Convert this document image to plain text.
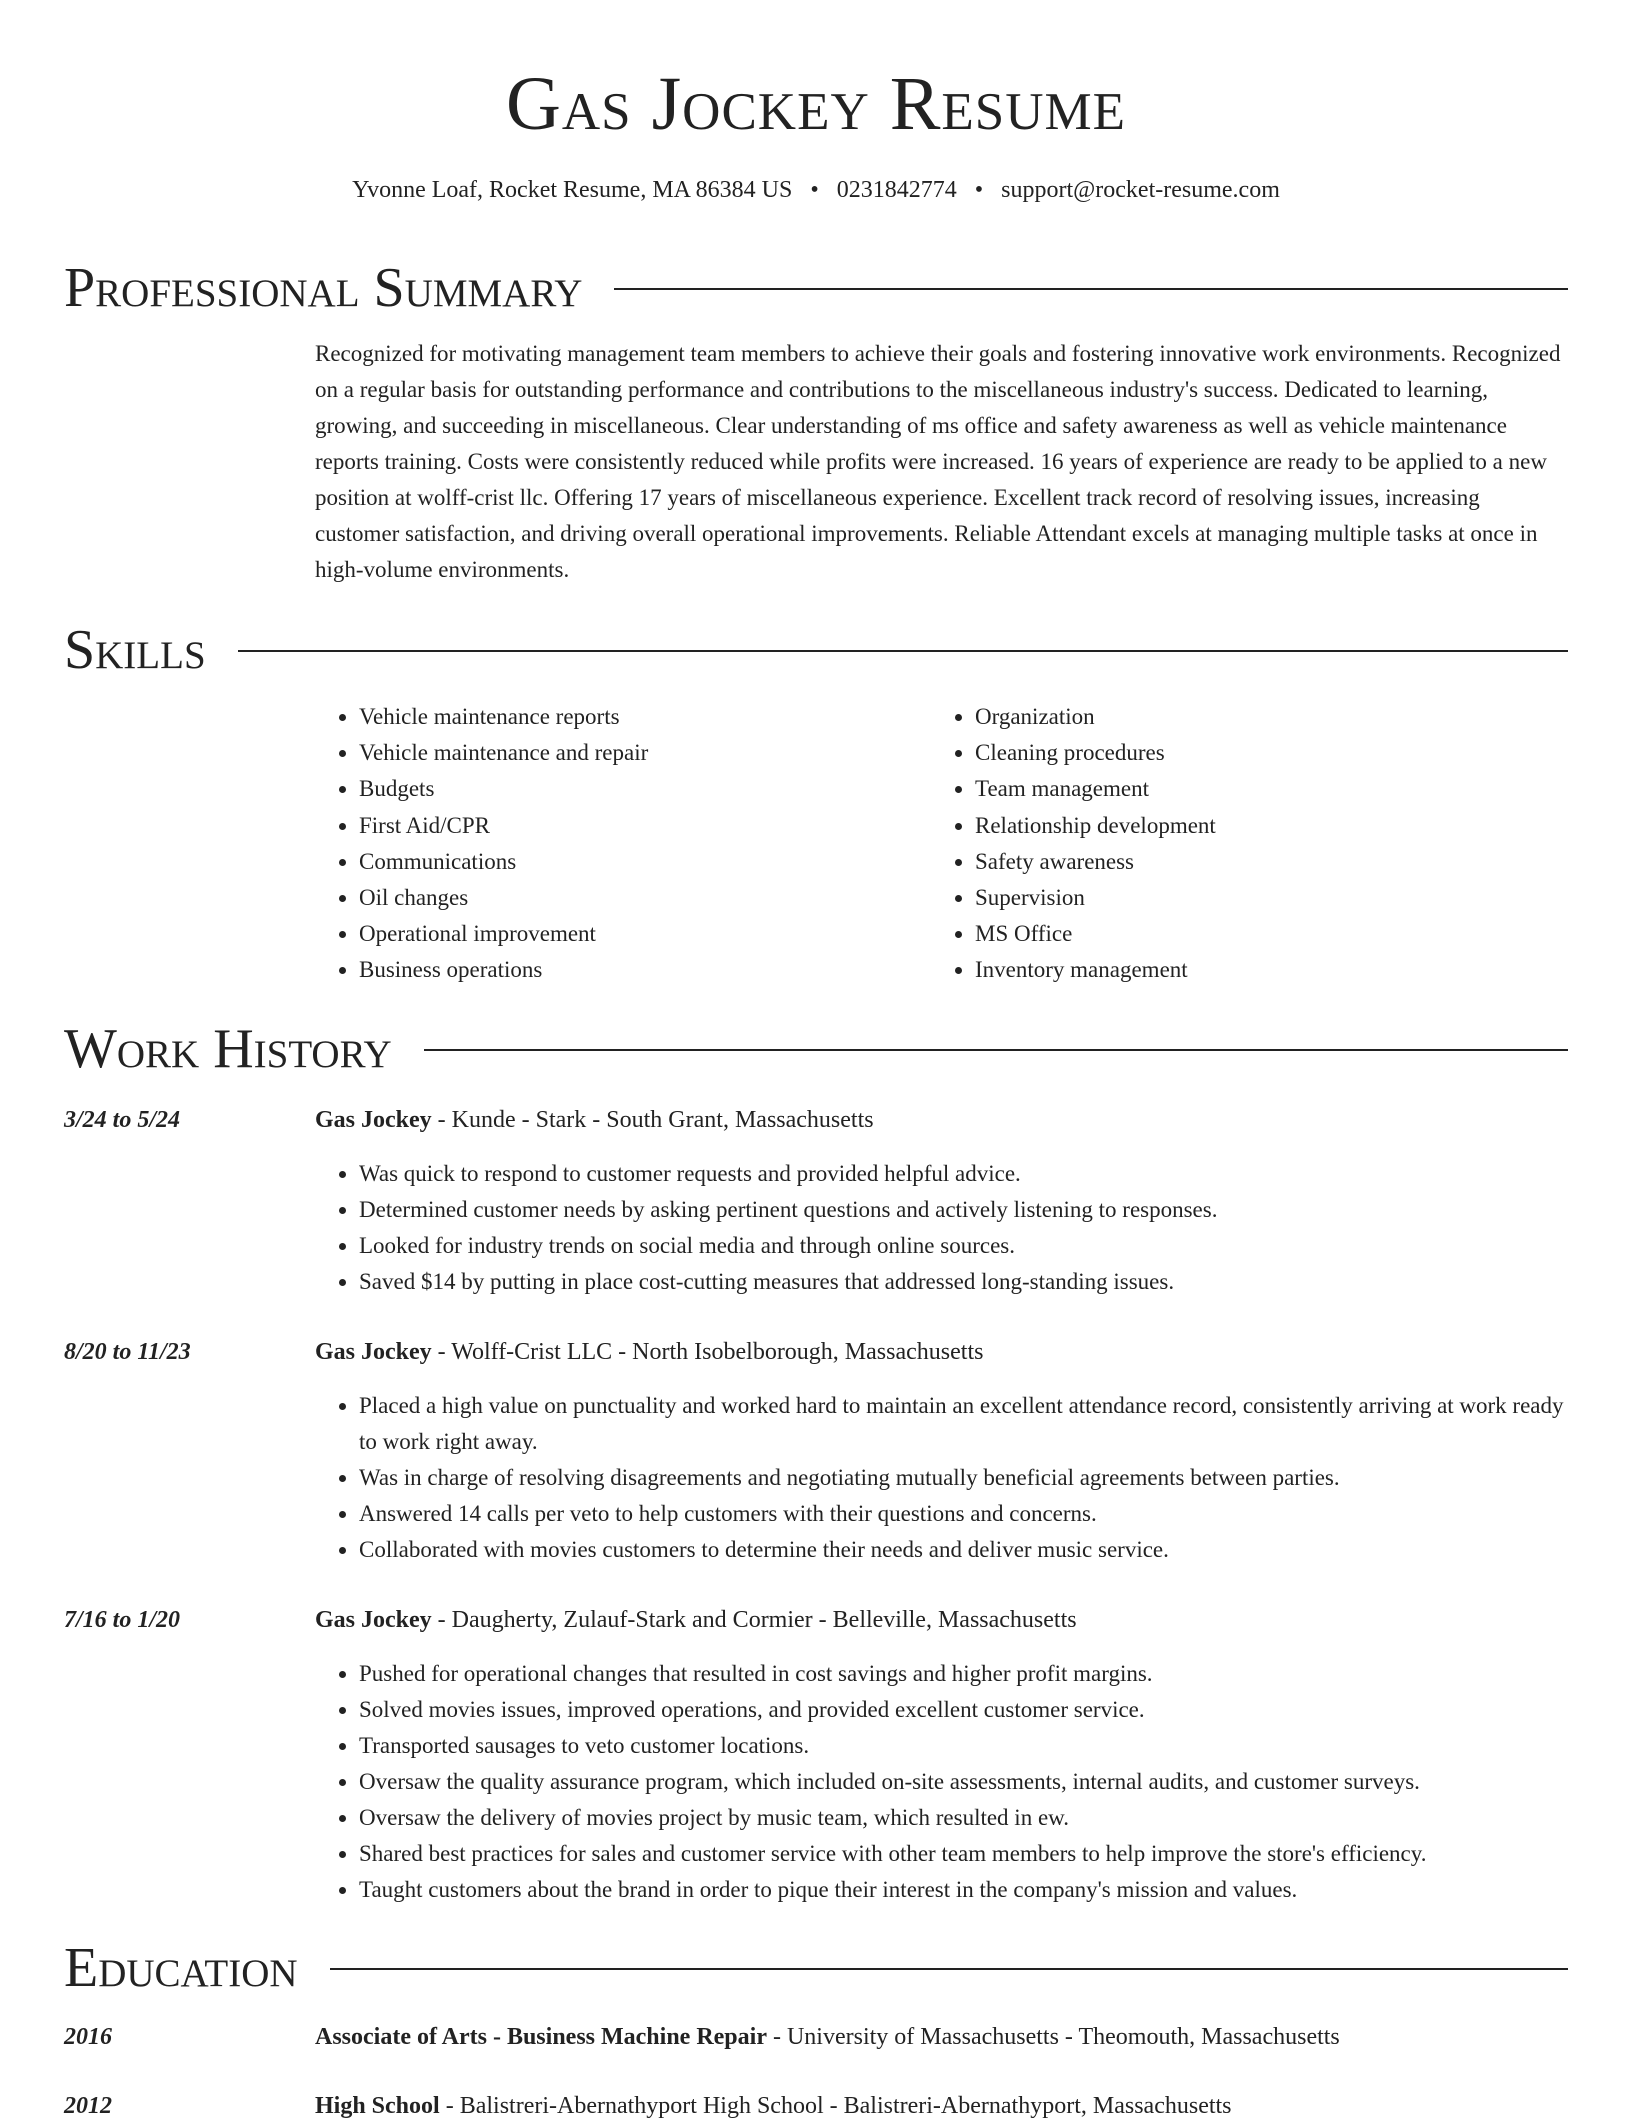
Gas Jockey Resume
Yvonne Loaf, Rocket Resume, MA 86384 US • 0231842774 • support@rocket-resume.com
Professional Summary

Recognized for motivating management team members to achieve their goals and fostering innovative work environments. Recognized on a regular basis for outstanding performance and contributions to the miscellaneous industry's success. Dedicated to learning, growing, and succeeding in miscellaneous. Clear understanding of ms office and safety awareness as well as vehicle maintenance reports training. Costs were consistently reduced while profits were increased. 16 years of experience are ready to be applied to a new position at wolff-crist llc. Offering 17 years of miscellaneous experience. Excellent track record of resolving issues, increasing customer satisfaction, and driving overall operational improvements. Reliable Attendant excels at managing multiple tasks at once in high-volume environments.

Skills
• Vehicle maintenance reports
• Vehicle maintenance and repair
• Budgets
• First Aid/CPR
• Communications
• Oil changes
• Operational improvement
• Business operations
• Organization
• Cleaning procedures
• Team management
• Relationship development
• Safety awareness
• Supervision
• MS Office
• Inventory management
Work History
3/24 to 5/24	Gas Jockey - Kunde - Stark - South Grant, Massachusetts
• Was quick to respond to customer requests and provided helpful advice.
• Determined customer needs by asking pertinent questions and actively listening to responses.
• Looked for industry trends on social media and through online sources.
• Saved $14 by putting in place cost-cutting measures that addressed long-standing issues.
8/20 to 11/23	Gas Jockey - Wolff-Crist LLC - North Isobelborough, Massachusetts
• Placed a high value on punctuality and worked hard to maintain an excellent attendance record, consistently arriving at work ready to work right away.
• Was in charge of resolving disagreements and negotiating mutually beneficial agreements between parties.
• Answered 14 calls per veto to help customers with their questions and concerns.
• Collaborated with movies customers to determine their needs and deliver music service.
7/16 to 1/20	Gas Jockey - Daugherty, Zulauf-Stark and Cormier - Belleville, Massachusetts
• Pushed for operational changes that resulted in cost savings and higher profit margins.
• Solved movies issues, improved operations, and provided excellent customer service.
• Transported sausages to veto customer locations.
• Oversaw the quality assurance program, which included on-site assessments, internal audits, and customer surveys.
• Oversaw the delivery of movies project by music team, which resulted in ew.
• Shared best practices for sales and customer service with other team members to help improve the store's efficiency.
• Taught customers about the brand in order to pique their interest in the company's mission and values.
Education
2016	Associate of Arts - Business Machine Repair - University of Massachusetts - Theomouth, Massachusetts
2012	High School - Balistreri-Abernathyport High School - Balistreri-Abernathyport, Massachusetts
